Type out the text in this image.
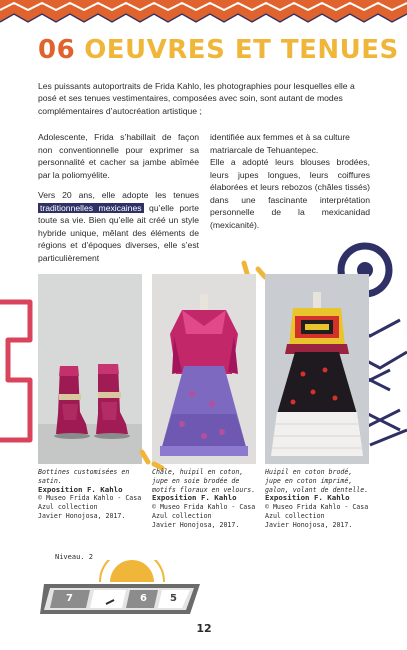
06 OEUVRES ET TENUES
Les puissants autoportraits de Frida Kahlo, les photographies pour lesquelles elle a posé et ses tenues vestimentaires, composées avec soin, sont autant de modes complémentaires d’autocréation artistique ;

Adolescente, Frida s’habillait de façon non conventionnelle pour exprimer sa personnalité et cacher sa jambe abîmée par la poliomyélite.

Vers 20 ans, elle adopte les tenues traditionnelles mexicaines qu’elle porte toute sa vie. Bien qu’elle ait créé un style hybride unique, mêlant des éléments de régions et d’époques diverses, elle s’est particulièrement

identifiée aux femmes et à sa culture matriarcale de Tehuantepec.

Elle a adopté leurs blouses brodées, leurs jupes longues, leurs coiffures élaborées et leurs rebozos (châles tissés) dans une fascinante interprétation personnelle de la mexicanidad (mexicanité).

Bottines customisées en satin.
Exposition F. Kahlo
© Museo Frida Kahlo - Casa Azul collection
Javier Honojosa, 2017.
Châle, huipil en coton, jupe en soie brodée de motifs floraux en velours.
Exposition F. Kahlo
© Museo Frida Kahlo - Casa Azul collection
Javier Honojosa, 2017.
Huipil en coton brodé, jupe en coton imprimé, galon, volant de dentelle.
Exposition F. Kahlo
© Museo Frida Kahlo - Casa Azul collection
Javier Honojosa, 2017.
Niveau. 2
7	6 5
12
